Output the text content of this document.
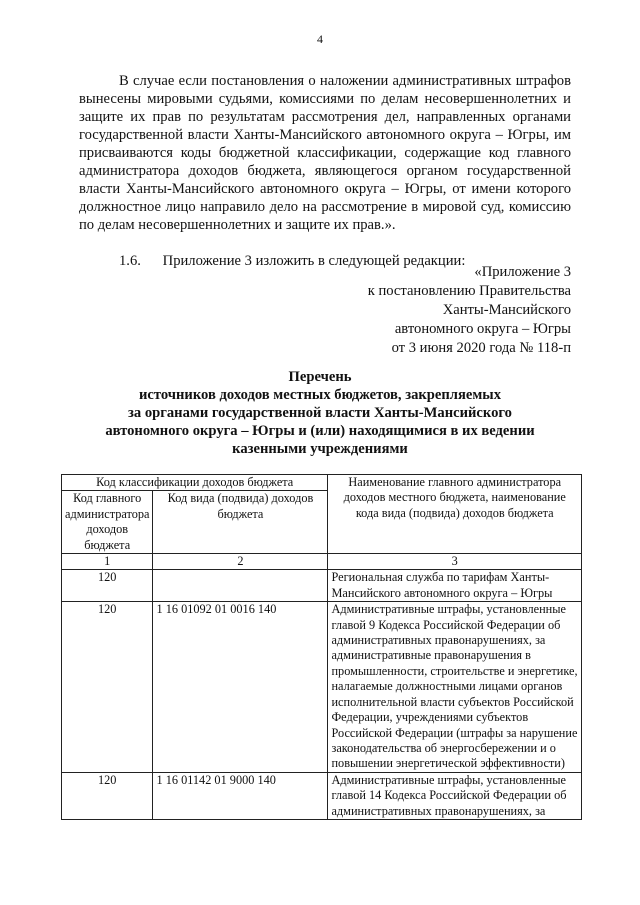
4
В случае если постановления о наложении административных штрафов вынесены мировыми судьями, комиссиями по делам несовершеннолетних и защите их прав по результатам рассмотрения дел, направленных органами государственной власти Ханты-Мансийского автономного округа – Югры, им присваиваются коды бюджетной классификации, содержащие код главного администратора доходов бюджета, являющегося органом государственной власти Ханты-Мансийского автономного округа – Югры, от имени которого должностное лицо направило дело на рассмотрение в мировой суд, комиссию по делам несовершеннолетних и защите их прав.».
1.6. Приложение 3 изложить в следующей редакции:
«Приложение 3
к постановлению Правительства
Ханты-Мансийского
автономного округа – Югры
от 3 июня 2020 года № 118-п
Перечень
источников доходов местных бюджетов, закрепляемых
за органами государственной власти Ханты-Мансийского
автономного округа – Югры и (или) находящимися в их ведении
казенными учреждениями
Код классификации доходов бюджета		Наименование главного администратора доходов местного бюджета, наименование кода вида (подвида) доходов бюджета
Код главного администратора доходов бюджета	Код вида (подвида) доходов бюджета	
1	2	3
120		Региональная служба по тарифам Ханты-Мансийского автономного округа – Югры
120	1 16 01092 01 0016 140	Административные штрафы, установленные главой 9 Кодекса Российской Федерации об административных правонарушениях, за административные правонарушения в промышленности, строительстве и энергетике, налагаемые должностными лицами органов исполнительной власти субъектов Российской Федерации, учреждениями субъектов Российской Федерации (штрафы за нарушение законодательства об энергосбережении и о повышении энергетической эффективности)
120	1 16 01142 01 9000 140	Административные штрафы, установленные главой 14 Кодекса Российской Федерации об административных правонарушениях, за
